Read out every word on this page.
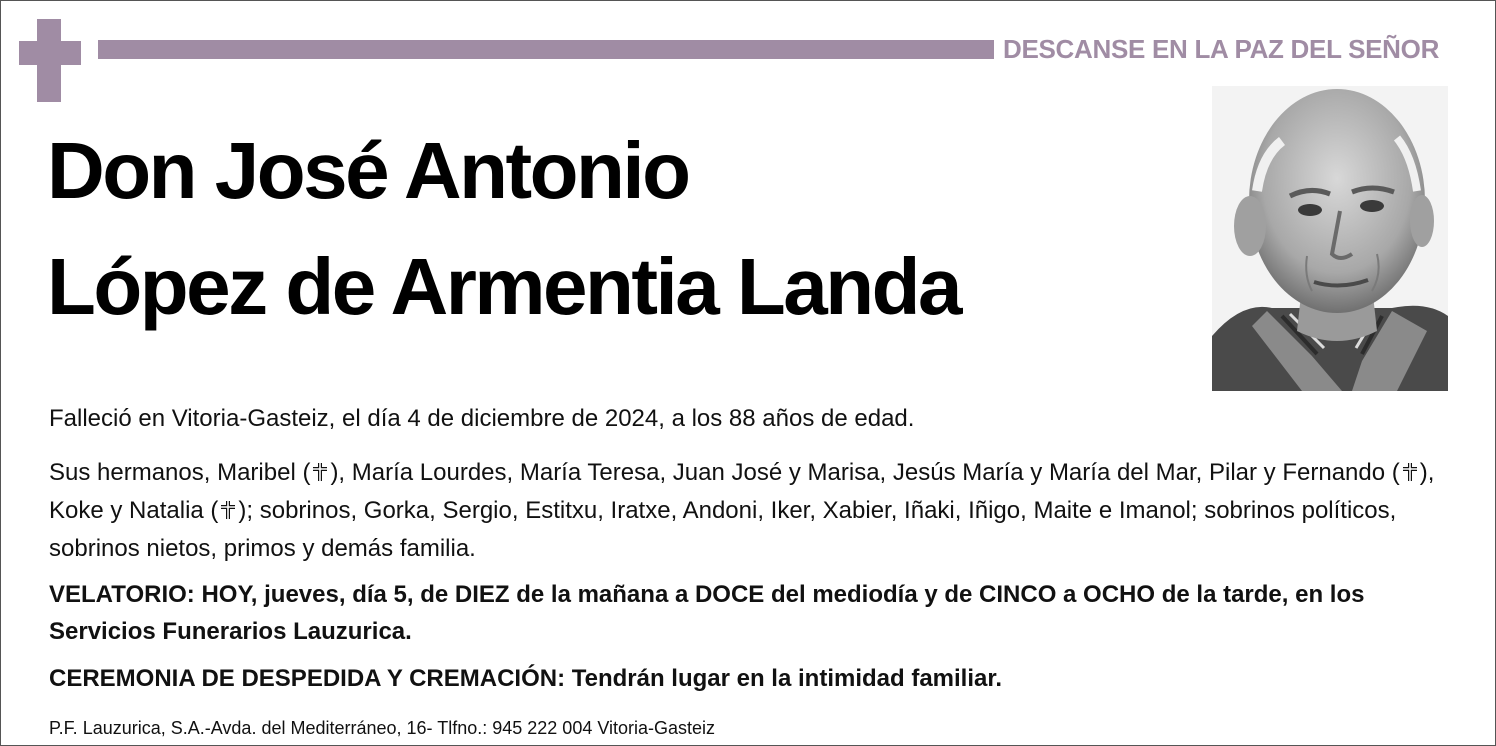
DESCANSE EN LA PAZ DEL SEÑOR
Don José Antonio
López de Armentia Landa
Falleció en Vitoria-Gasteiz, el día 4 de diciembre de 2024, a los 88 años de edad.
Sus hermanos, Maribel ( ), María Lourdes, María Teresa, Juan José y Marisa, Jesús María y María del Mar, Pilar y Fernando ( ), Koke y Natalia ( ); sobrinos, Gorka, Sergio, Estitxu, Iratxe, Andoni, Iker, Xabier, Iñaki, Iñigo, Maite e Imanol; sobrinos políticos, sobrinos nietos, primos y demás familia.
VELATORIO: HOY, jueves, día 5, de DIEZ de la mañana a DOCE del mediodía y de CINCO a OCHO de la tarde, en los Servicios Funerarios Lauzurica.
CEREMONIA DE DESPEDIDA Y CREMACIÓN: Tendrán lugar en la intimidad familiar.
P.F. Lauzurica, S.A.-Avda. del Mediterráneo, 16- Tlfno.: 945 222 004 Vitoria-Gasteiz
